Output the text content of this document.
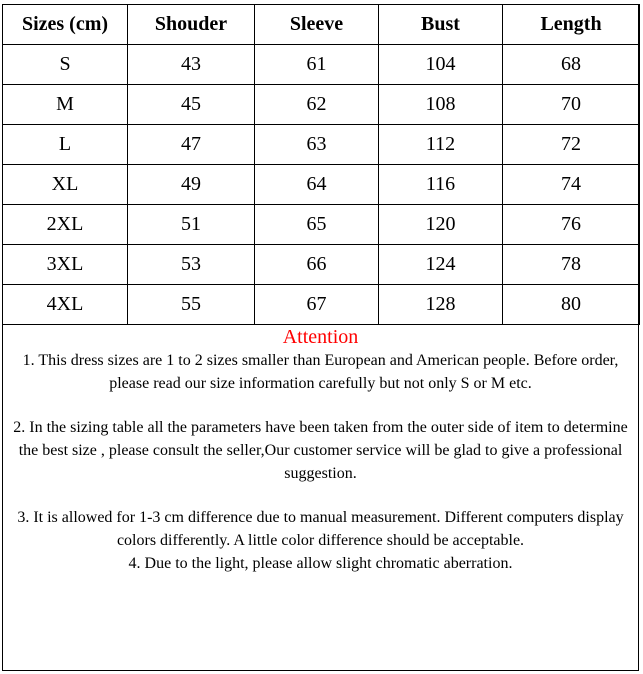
Sizes (cm)	Shouder	Sleeve	Bust	Length
S	43	61	104	68
M	45	62	108	70
L	47	63	112	72
XL	49	64	116	74
2XL	51	65	120	76
3XL	53	66	124	78
4XL	55	67	128	80
Attention

1. This dress sizes are 1 to 2 sizes smaller than European and American people. Before order, please read our size information carefully but not only S or M etc.

2. In the sizing table all the parameters have been taken from the outer side of item to determine the best size , please consult the seller,Our customer service will be glad to give a professional suggestion.

3. It is allowed for 1-3 cm difference due to manual measurement. Different computers display colors differently. A little color difference should be acceptable.

4. Due to the light, please allow slight chromatic aberration.
